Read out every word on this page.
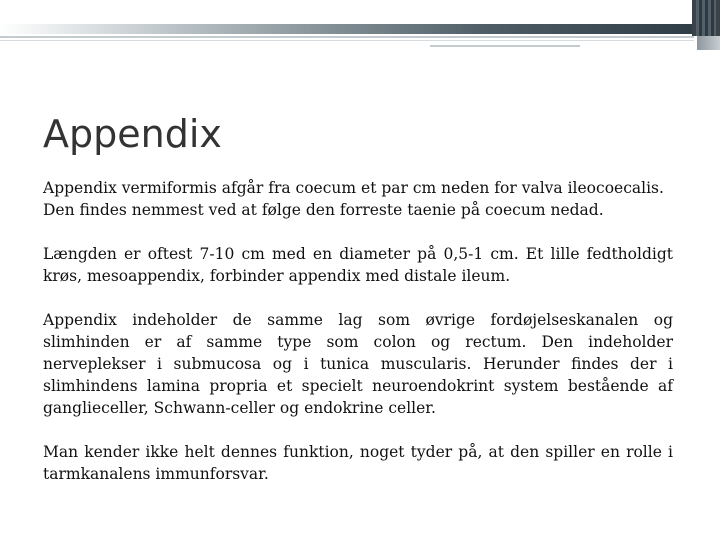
Appendix

Appendix vermiformis afgår fra coecum et par cm neden for valva ileocoecalis. Den findes nemmest ved at følge den forreste taenie på coecum nedad.

Længden er oftest 7-10 cm med en diameter på 0,5-1 cm. Et lille fedtholdigt krøs, mesoappendix, forbinder appendix med distale ileum.

Appendix indeholder de samme lag som øvrige fordøjelseskanalen og slimhinden er af samme type som colon og rectum. Den indeholder nerveplekser i submucosa og i tunica muscularis. Herunder findes der i slimhindens lamina propria et specielt neuroendokrint system bestående af ganglieceller, Schwann-celler og endokrine celler.

Man kender ikke helt dennes funktion, noget tyder på, at den spiller en rolle i tarmkanalens immunforsvar.
